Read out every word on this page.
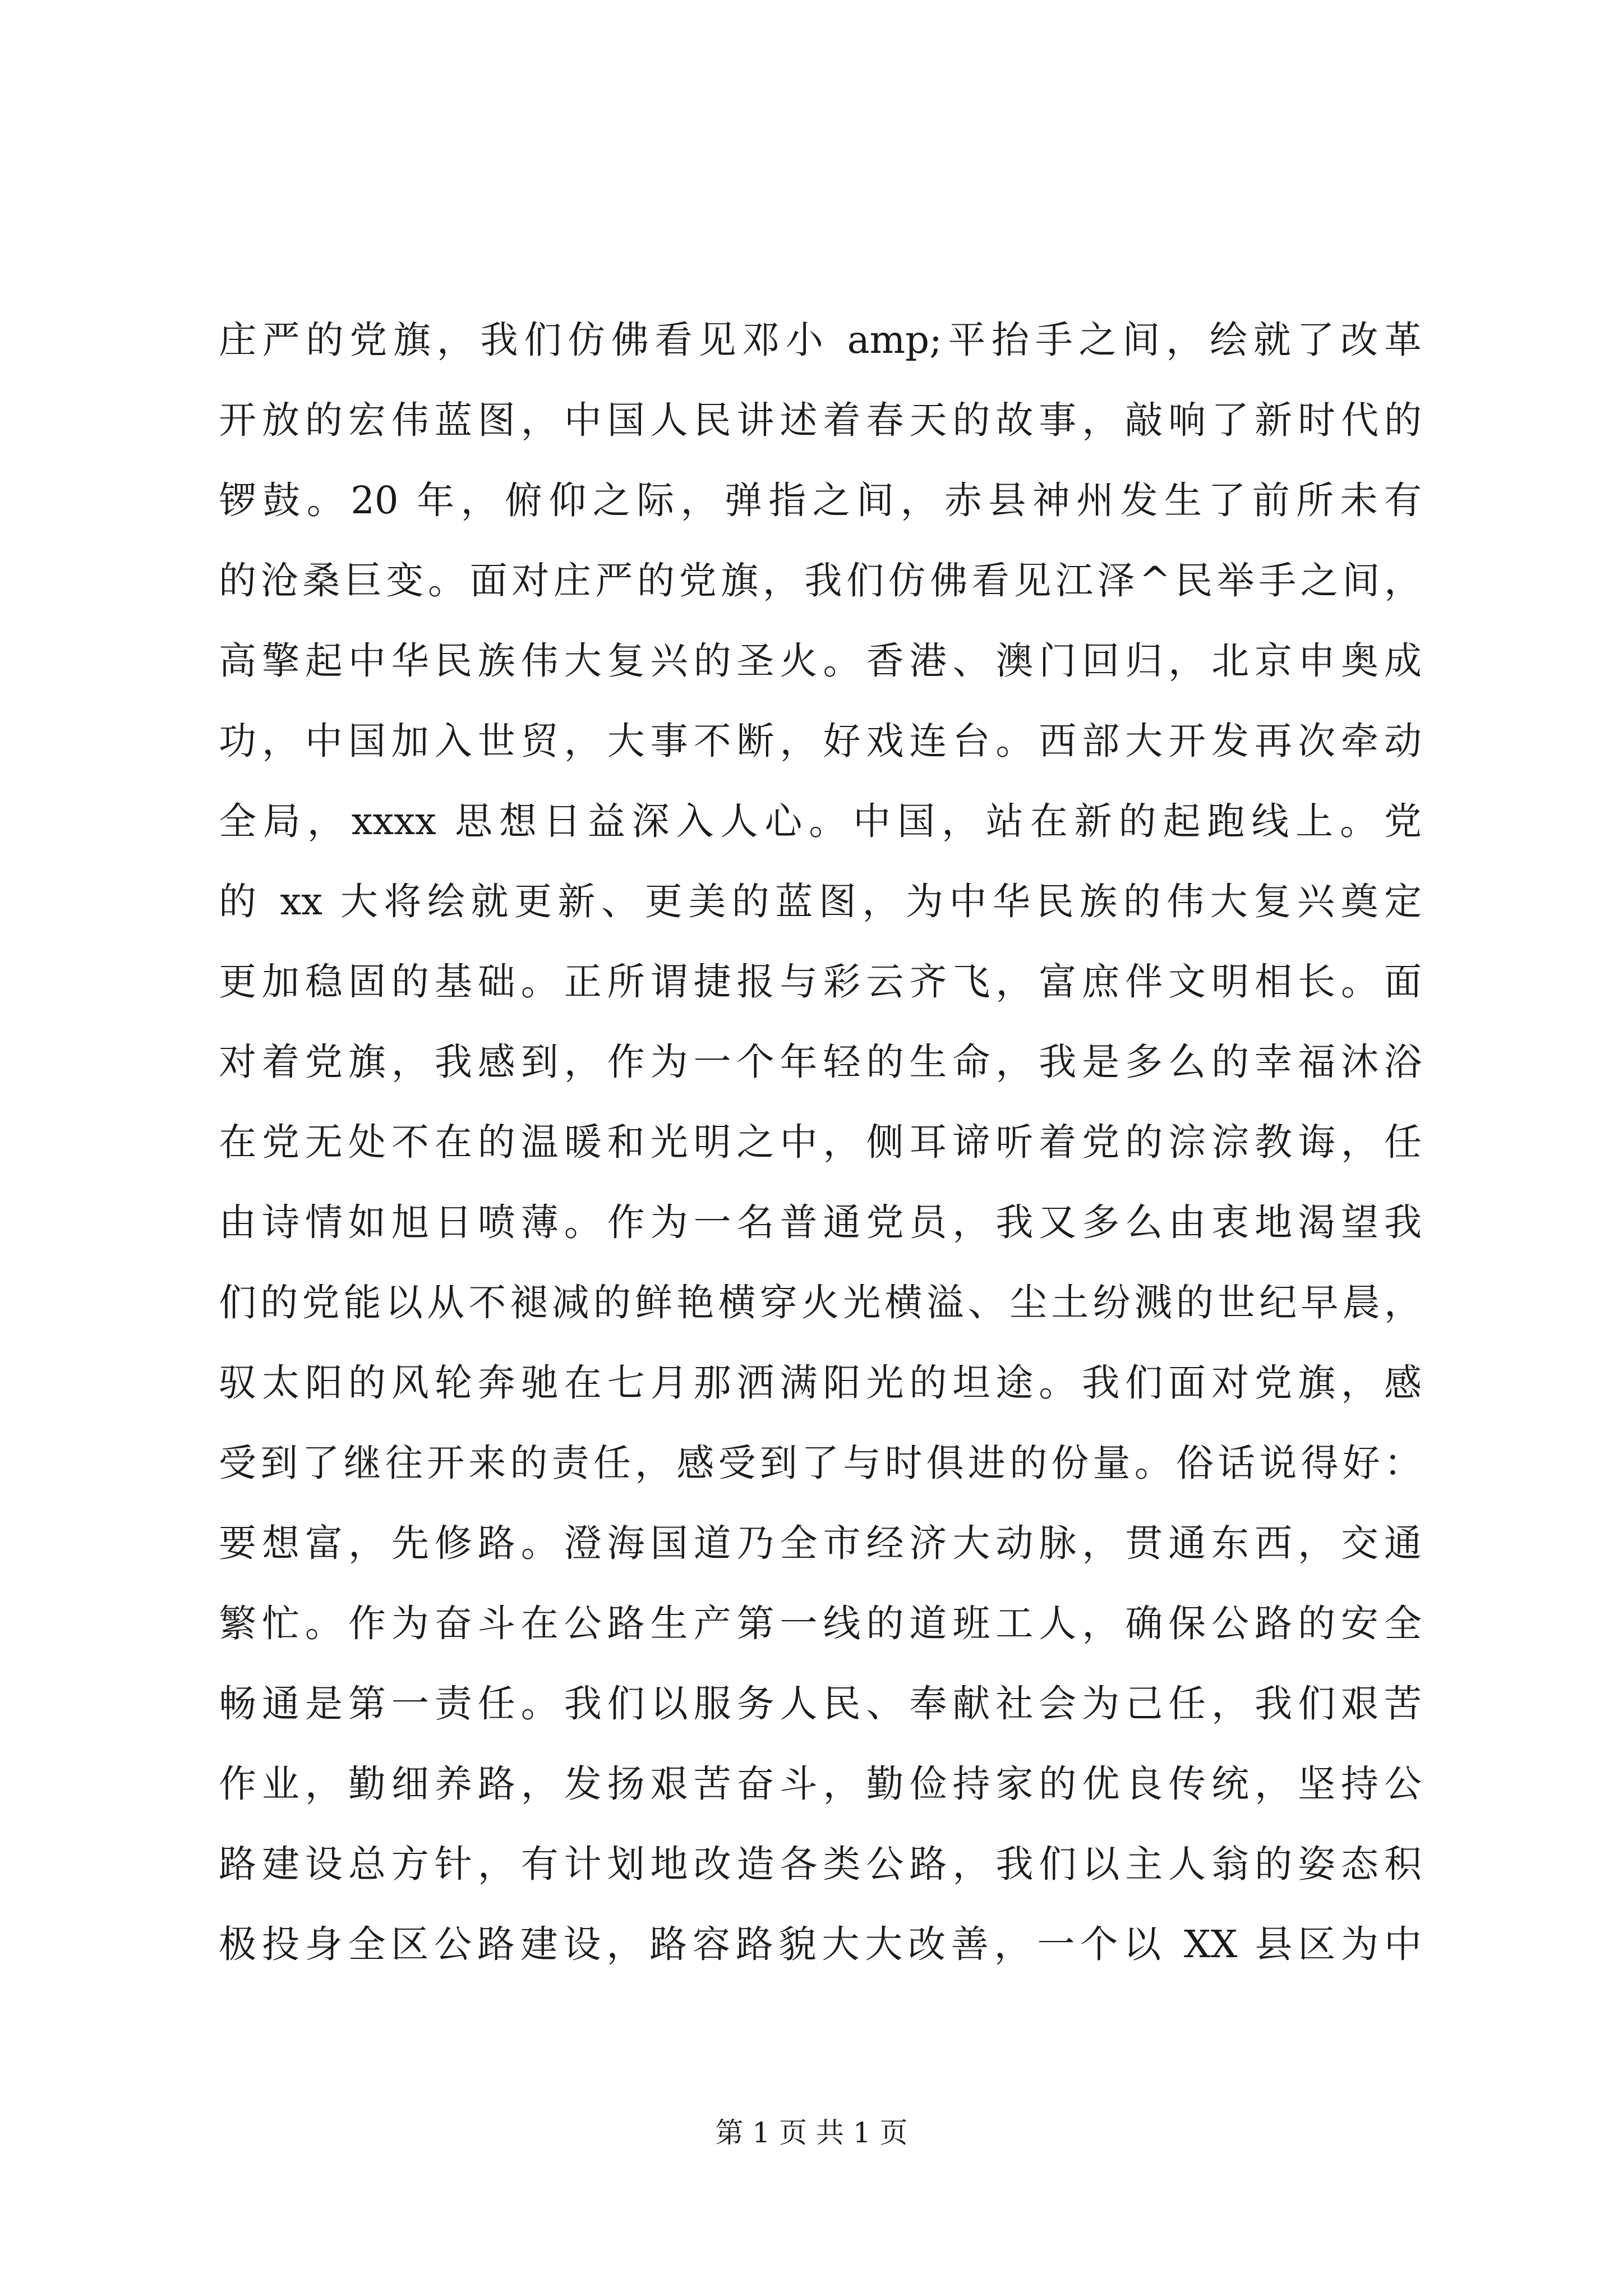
庄严的党旗，我们仿佛看见邓小 amp;平抬手之间，绘就了改革
开放的宏伟蓝图，中国人民讲述着春天的故事，敲响了新时代的
锣鼓。20 年，俯仰之际，弹指之间，赤县神州发生了前所未有
的沧桑巨变。面对庄严的党旗，我们仿佛看见江泽^民举手之间，
高擎起中华民族伟大复兴的圣火。香港、澳门回归，北京申奥成
功，中国加入世贸，大事不断，好戏连台。西部大开发再次牵动
全局，xxxx 思想日益深入人心。中国，站在新的起跑线上。党
的 xx 大将绘就更新、更美的蓝图，为中华民族的伟大复兴奠定
更加稳固的基础。正所谓捷报与彩云齐飞，富庶伴文明相长。面
对着党旗，我感到，作为一个年轻的生命，我是多么的幸福沐浴
在党无处不在的温暖和光明之中，侧耳谛听着党的淙淙教诲，任
由诗情如旭日喷薄。作为一名普通党员，我又多么由衷地渴望我
们的党能以从不褪减的鲜艳横穿火光横溢、尘土纷溅的世纪早晨，
驭太阳的风轮奔驰在七月那洒满阳光的坦途。我们面对党旗，感
受到了继往开来的责任，感受到了与时俱进的份量。俗话说得好：
要想富，先修路。澄海国道乃全市经济大动脉，贯通东西，交通
繁忙。作为奋斗在公路生产第一线的道班工人，确保公路的安全
畅通是第一责任。我们以服务人民、奉献社会为己任，我们艰苦
作业，勤细养路，发扬艰苦奋斗，勤俭持家的优良传统，坚持公
路建设总方针，有计划地改造各类公路，我们以主人翁的姿态积
极投身全区公路建设，路容路貌大大改善，一个以 XX 县区为中
第 1 页 共 1 页
